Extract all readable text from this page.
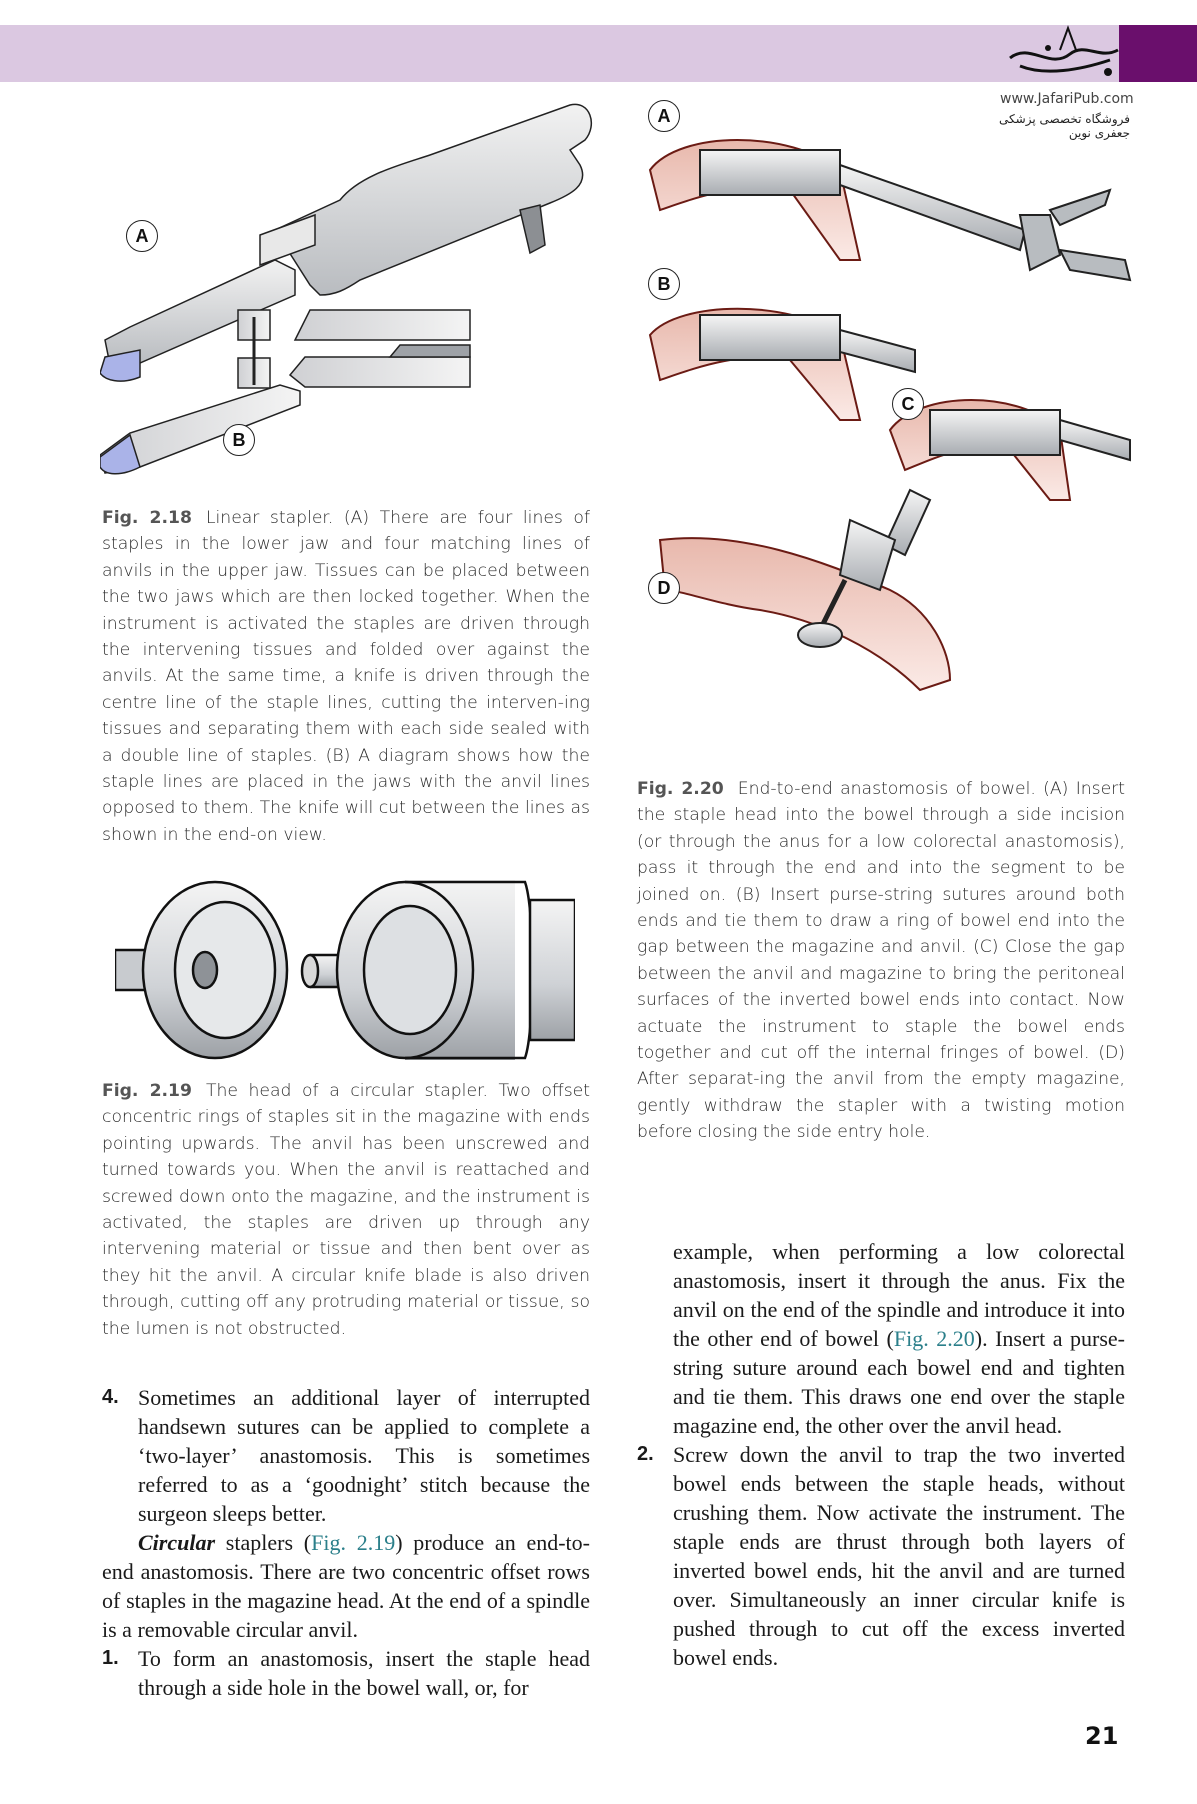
www.JafariPub.com
فروشگاه تخصصی پزشکی جعفری نوین
A
B
Fig. 2.18 Linear stapler. (A) There are four lines of staples in the lower jaw and four matching lines of anvils in the upper jaw. Tissues can be placed between the two jaws which are then locked together. When the instrument is activated the staples are driven through the intervening tissues and folded over against the anvils. At the same time, a knife is driven through the centre line of the staple lines, cutting the interven-ing tissues and separating them with each side sealed with a double line of staples. (B) A diagram shows how the staple lines are placed in the jaws with the anvil lines opposed to them. The knife will cut between the lines as shown in the end-on view.
Fig. 2.19 The head of a circular stapler. Two offset concentric rings of staples sit in the magazine with ends pointing upwards. The anvil has been unscrewed and turned towards you. When the anvil is reattached and screwed down onto the magazine, and the instrument is activated, the staples are driven up through any intervening material or tissue and then bent over as they hit the anvil. A circular knife blade is also driven through, cutting off any protruding material or tissue, so the lumen is not obstructed.
A
B
C
D
Fig. 2.20 End-to-end anastomosis of bowel. (A) Insert the staple head into the bowel through a side incision (or through the anus for a low colorectal anastomosis), pass it through the end and into the segment to be joined on. (B) Insert purse-string sutures around both ends and tie them to draw a ring of bowel end into the gap between the magazine and anvil. (C) Close the gap between the anvil and magazine to bring the peritoneal surfaces of the inverted bowel ends into contact. Now actuate the instrument to staple the bowel ends together and cut off the internal fringes of bowel. (D) After separat-ing the anvil from the empty magazine, gently withdraw the stapler with a twisting motion before closing the side entry hole.

4. Sometimes an additional layer of interrupted handsewn sutures can be applied to complete a ‘two-layer’ anastomosis. This is sometimes referred to as a ‘goodnight’ stitch because the surgeon sleeps better.

Circular staplers (Fig. 2.19) produce an end-to-end anastomosis. There are two concentric offset rows of staples in the magazine head. At the end of a spindle is a removable circular anvil.

1. To form an anastomosis, insert the staple head through a side hole in the bowel wall, or, for

example, when performing a low colorectal anastomosis, insert it through the anus. Fix the anvil on the end of the spindle and introduce it into the other end of bowel (Fig. 2.20). Insert a purse-string suture around each bowel end and tighten and tie them. This draws one end over the staple magazine end, the other over the anvil head.

2. Screw down the anvil to trap the two inverted bowel ends between the staple heads, without crushing them. Now activate the instrument. The staple ends are thrust through both layers of inverted bowel ends, hit the anvil and are turned over. Simultaneously an inner circular knife is pushed through to cut off the excess inverted bowel ends.

21
